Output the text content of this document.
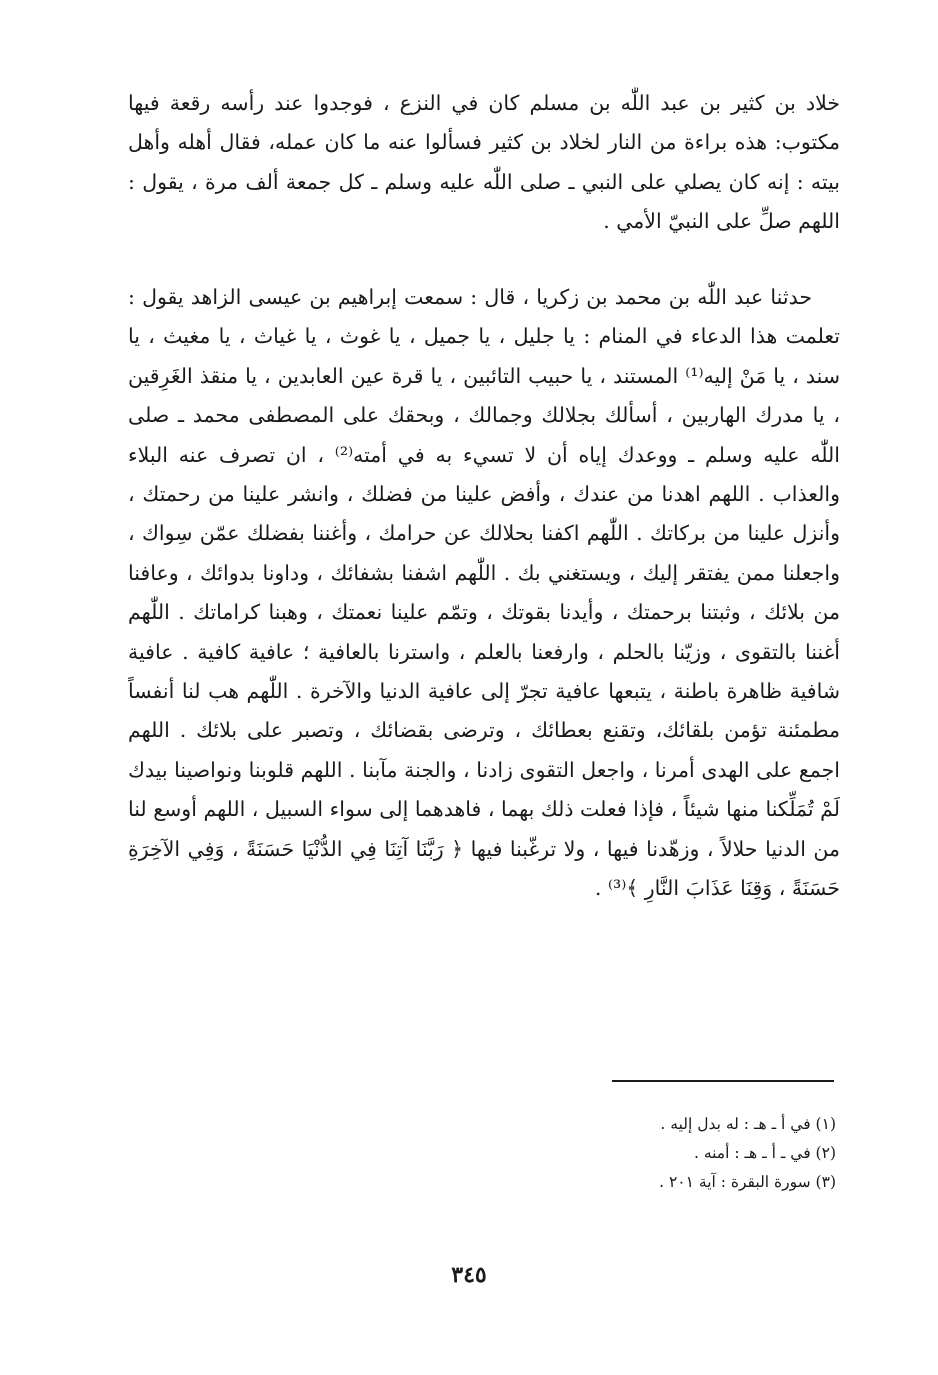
خلاد بن كثير بن عبد اللّٰه بن مسلم كان في النزع ، فوجدوا عند رأسه رقعة فيها مكتوب: هذه براءة من النار لخلاد بن كثير فسألوا عنه ما كان عمله، فقال أهله وأهل بيته : إنه كان يصلي على النبي ـ صلى اللّٰه عليه وسلم ـ كل جمعة ألف مرة ، يقول : اللهم صلِّ على النبيّ الأمي .

حدثنا عبد اللّٰه بن محمد بن زكريا ، قال : سمعت إبراهيم بن عيسى الزاهد يقول : تعلمت هذا الدعاء في المنام : يا جليل ، يا جميل ، يا غوث ، يا غياث ، يا مغيث ، يا سند ، يا مَنْ إليه⁽¹⁾ المستند ، يا حبيب التائبين ، يا قرة عين العابدين ، يا منقذ الغَرِقين ، يا مدرك الهاربين ، أسألك بجلالك وجمالك ، وبحقك على المصطفى محمد ـ صلى اللّٰه عليه وسلم ـ ووعدك إياه أن لا تسيء به في أمته⁽²⁾ ، ان تصرف عنه البلاء والعذاب . اللهم اهدنا من عندك ، وأفض علينا من فضلك ، وانشر علينا من رحمتك ، وأنزل علينا من بركاتك . اللّٰهم اكفنا بحلالك عن حرامك ، وأغننا بفضلك عمّن سِواك ، واجعلنا ممن يفتقر إليك ، ويستغني بك . اللّٰهم اشفنا بشفائك ، وداونا بدوائك ، وعافنا من بلائك ، وثبتنا برحمتك ، وأيدنا بقوتك ، وتمّم علينا نعمتك ، وهبنا كراماتك . اللّٰهم أغننا بالتقوى ، وزيّنا بالحلم ، وارفعنا بالعلم ، واسترنا بالعافية ؛ عافية كافية . عافية شافية ظاهرة باطنة ، يتبعها عافية تجرّ إلى عافية الدنيا والآخرة . اللّٰهم هب لنا أنفساً مطمئنة تؤمن بلقائك، وتقنع بعطائك ، وترضى بقضائك ، وتصبر على بلائك . اللهم اجمع على الهدى أمرنا ، واجعل التقوى زادنا ، والجنة مآبنا . اللهم قلوبنا ونواصينا بيدك لَمْ تُمَلِّكنا منها شيئاً ، فإذا فعلت ذلك بهما ، فاهدهما إلى سواء السبيل ، اللهم أوسع لنا من الدنيا حلالاً ، وزهّدنا فيها ، ولا ترغّبنا فيها ﴿ رَبَّنَا آتِنَا فِي الدُّنْيَا حَسَنَةً ، وَفِي الآخِرَةِ حَسَنَةً ، وَقِنَا عَذَابَ النَّارِ ﴾⁽³⁾ .

(١) في أ ـ هـ : له بدل إليه .
(٢) في ـ أ ـ هـ : أمنه .
(٣) سورة البقرة : آية ٢٠١ .
٣٤٥
